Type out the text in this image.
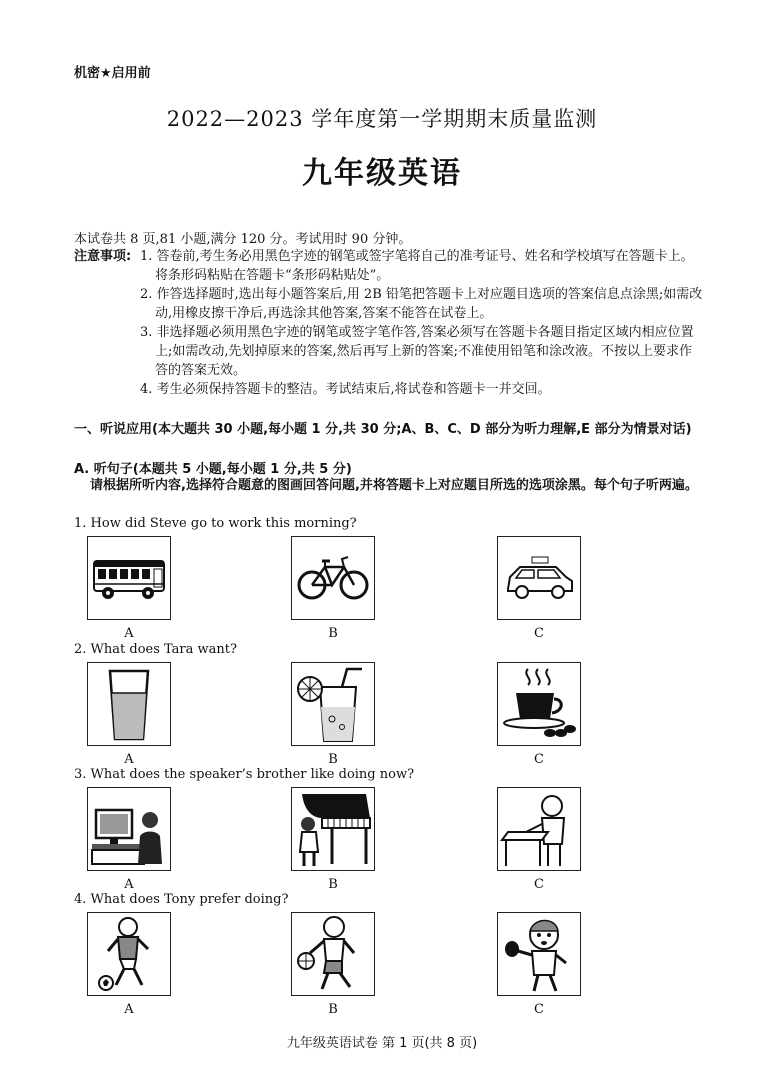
机密★启用前
2022—2023 学年度第一学期期末质量监测
九年级英语
本试卷共 8 页,81 小题,满分 120 分。考试用时 90 分钟。
注意事项: 1. 答卷前,考生务必用黑色字迹的钢笔或签字笔将自己的准考证号、姓名和学校填写在答题卡上。将条形码粘贴在答题卡“条形码粘贴处”。
2. 作答选择题时,选出每小题答案后,用 2B 铅笔把答题卡上对应题目选项的答案信息点涂黑;如需改动,用橡皮擦干净后,再选涂其他答案,答案不能答在试卷上。
3. 非选择题必须用黑色字迹的钢笔或签字笔作答,答案必须写在答题卡各题目指定区域内相应位置上;如需改动,先划掉原来的答案,然后再写上新的答案;不准使用铅笔和涂改液。不按以上要求作答的答案无效。
4. 考生必须保持答题卡的整洁。考试结束后,将试卷和答题卡一并交回。
一、听说应用(本大题共 30 小题,每小题 1 分,共 30 分;A、B、C、D 部分为听力理解,E 部分为情景对话)
A. 听句子(本题共 5 小题,每小题 1 分,共 5 分)
请根据所听内容,选择符合题意的图画回答问题,并将答题卡上对应题目所选的选项涂黑。每个句子听两遍。
1. How did Steve go to work this morning?
A	B	C
2. What does Tara want?
A	B	C
3. What does the speaker’s brother like doing now?
A	B	C
4. What does Tony prefer doing?
A	B	C
九年级英语试卷 第 1 页(共 8 页)
